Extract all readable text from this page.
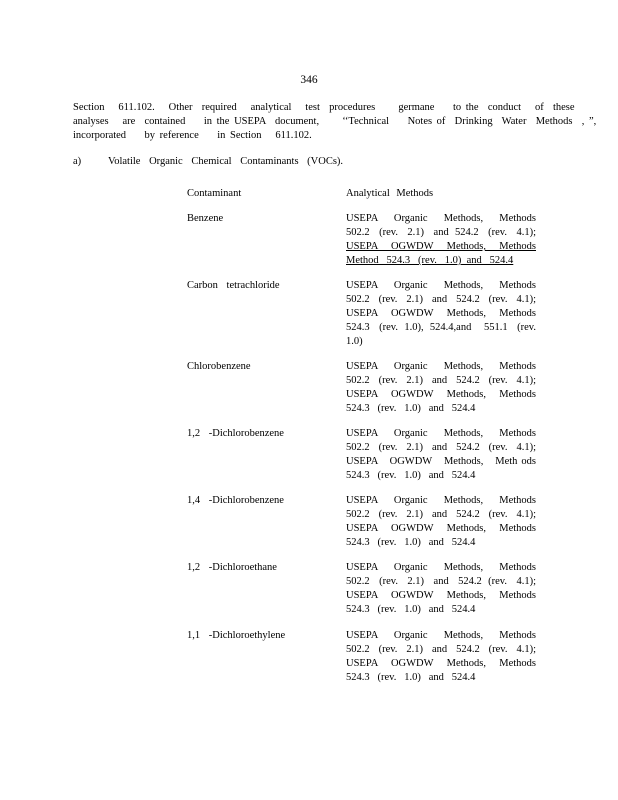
346
Section   611.102.   Other  required   analytical   test  procedures     germane    to the  conduct   of  these
analyses   are  contained    in the USEPA  document,     ‘‘Technical    Notes of  Drinking  Water  Methods  , ”,
incorporated    by reference    in Section   611.102.
a)	Volatile Organic Chemical Contaminants (VOCs).
Contaminant	Analytical Methods
Benzene	USEPA   Organic   Methods,   Methods
502.2   (rev.   2.1)   and  524.2   (rev.   4.1);
USEPA   OGWDW   Methods,   Methods
Method   524.3   (rev.   1.0)  and   524.4
Carbon tetrachloride	USEPA   Organic   Methods,   Methods
502.2   (rev.   2.1)   and   524.2   (rev.   4.1);
USEPA   OGWDW   Methods,   Methods
524.3   (rev.  1.0),  524.4,and    551.1   (rev.
1.0)
Chlorobenzene	USEPA   Organic   Methods,   Methods
502.2   (rev.   2.1)   and   524.2   (rev.   4.1);
USEPA   OGWDW   Methods,   Methods
524.3   (rev.   1.0)   and   524.4
1,2 -Dichlorobenzene	USEPA   Organic   Methods,   Methods
502.2   (rev.   2.1)   and   524.2   (rev.   4.1);
USEPA   OGWDW   Methods,   Meth ods
524.3   (rev.   1.0)   and   524.4
1,4 -Dichlorobenzene	USEPA   Organic   Methods,   Methods
502.2   (rev.   2.1)   and   524.2   (rev.   4.1);
USEPA   OGWDW   Methods,   Methods
524.3   (rev.   1.0)   and   524.4
1,2 -Dichloroethane	USEPA   Organic   Methods,   Methods
502.2   (rev.   2.1)   and   524.2  (rev.   4.1);
USEPA   OGWDW   Methods,   Methods
524.3   (rev.   1.0)   and   524.4
1,1 -Dichloroethylene	USEPA   Organic   Methods,   Methods
502.2   (rev.   2.1)   and   524.2   (rev.   4.1);
USEPA   OGWDW   Methods,   Methods
524.3   (rev.   1.0)   and   524.4
